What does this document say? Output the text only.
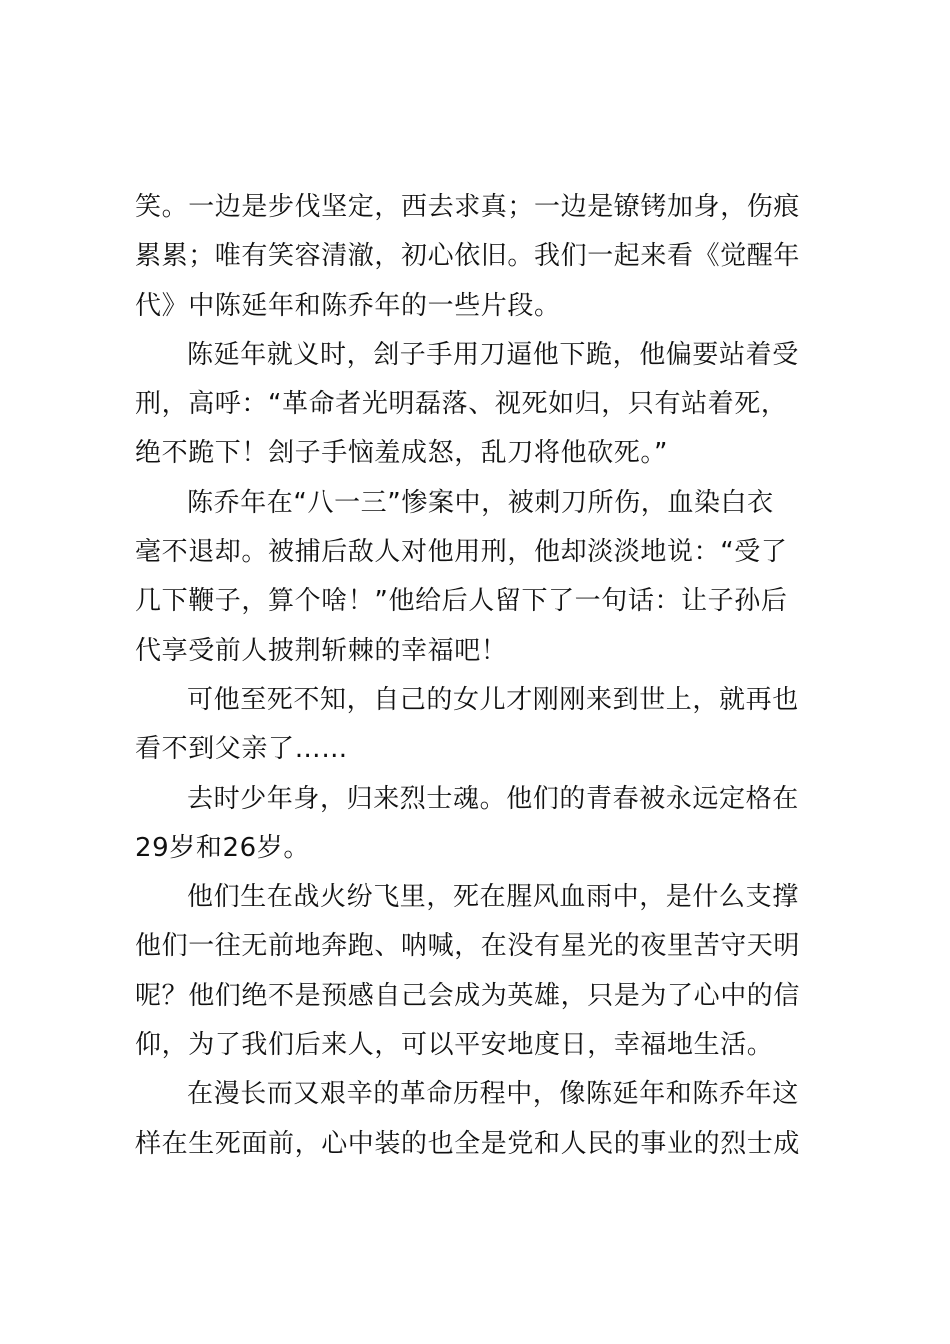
笑。一边是步伐坚定，西去求真；一边是镣铐加身，伤痕
累累；唯有笑容清澈，初心依旧。我们一起来看《觉醒年
代》中陈延年和陈乔年的一些片段。
陈延年就义时，刽子手用刀逼他下跪，他偏要站着受
刑，高呼：“革命者光明磊落、视死如归，只有站着死，
绝不跪下！刽子手恼羞成怒，乱刀将他砍死。”
陈乔年在“八一三”惨案中，被刺刀所伤，血染白衣
毫不退却。被捕后敌人对他用刑，他却淡淡地说：“受了
几下鞭子，算个啥！”他给后人留下了一句话：让子孙后
代享受前人披荆斩棘的幸福吧！
可他至死不知，自己的女儿才刚刚来到世上，就再也
看不到父亲了……
去时少年身，归来烈士魂。他们的青春被永远定格在
29岁和26岁。
他们生在战火纷飞里，死在腥风血雨中，是什么支撑
他们一往无前地奔跑、呐喊，在没有星光的夜里苦守天明
呢？他们绝不是预感自己会成为英雄，只是为了心中的信
仰，为了我们后来人，可以平安地度日，幸福地生活。
在漫长而又艰辛的革命历程中，像陈延年和陈乔年这
样在生死面前，心中装的也全是党和人民的事业的烈士成
